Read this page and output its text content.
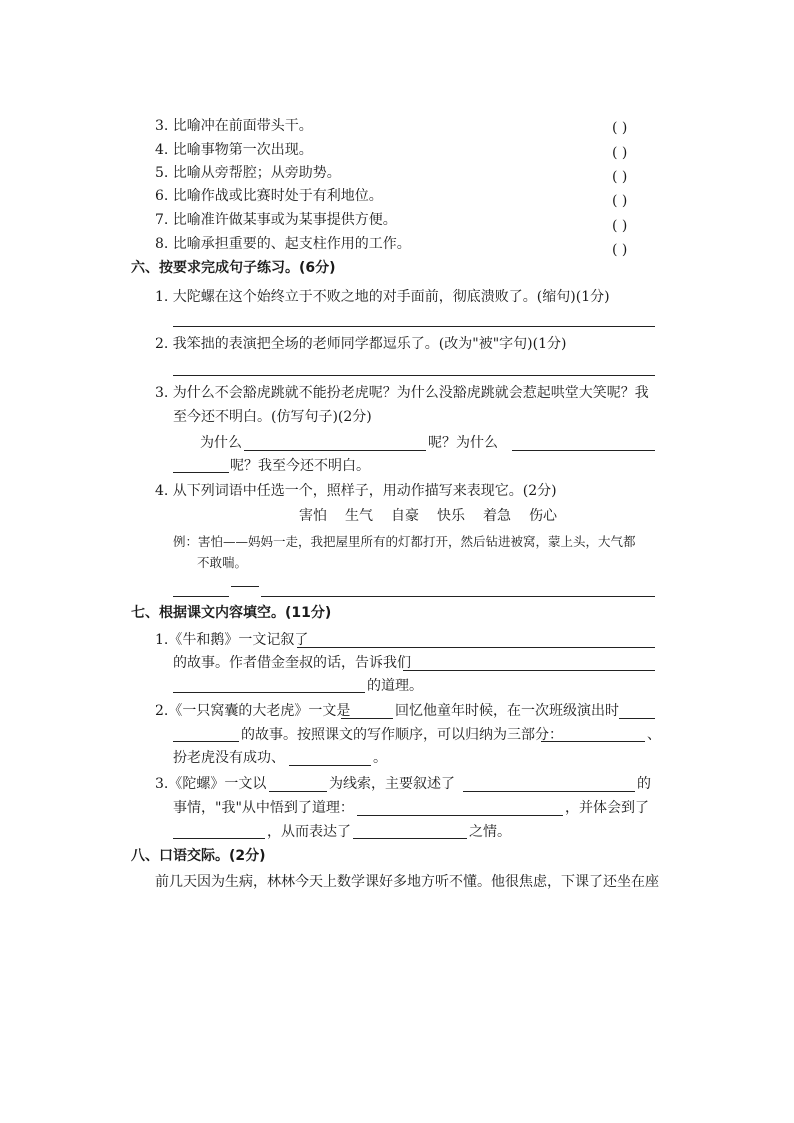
3. 比喻冲在前面带头干。	( )
4. 比喻事物第一次出现。	( )
5. 比喻从旁帮腔；从旁助势。	( )
6. 比喻作战或比赛时处于有利地位。	( )
7. 比喻准许做某事或为某事提供方便。	( )
8. 比喻承担重要的、起支柱作用的工作。	( )
六、按要求完成句子练习。(6分)
1. 大陀螺在这个始终立于不败之地的对手面前，彻底溃败了。(缩句)(1分)
2. 我笨拙的表演把全场的老师同学都逗乐了。(改为"被"字句)(1分)
3. 为什么不会豁虎跳就不能扮老虎呢？为什么没豁虎跳就会惹起哄堂大笑呢？我
至今还不明白。(仿写句子)(2分)
为什么	呢？为什么
呢？我至今还不明白。
4. 从下列词语中任选一个，照样子，用动作描写来表现它。(2分)
害怕 生气 自豪 快乐 着急 伤心
例：害怕——妈妈一走，我把屋里所有的灯都打开，然后钻进被窝，蒙上头，大气都
不敢喘。
七、根据课文内容填空。(11分)
1.《牛和鹅》一文记叙了
的故事。作者借金奎叔的话，告诉我们
的道理。
2.《一只窝囊的大老虎》一文是	回忆他童年时候，在一次班级演出时
的故事。按照课文的写作顺序，可以归纳为三部分：	、
扮老虎没有成功、	。
3.《陀螺》一文以	为线索，主要叙述了	的
事情，"我"从中悟到了道理：	，并体会到了
，从而表达了	之情。
八、口语交际。(2分)
前几天因为生病，林林今天上数学课好多地方听不懂。他很焦虑，下课了还坐在座
